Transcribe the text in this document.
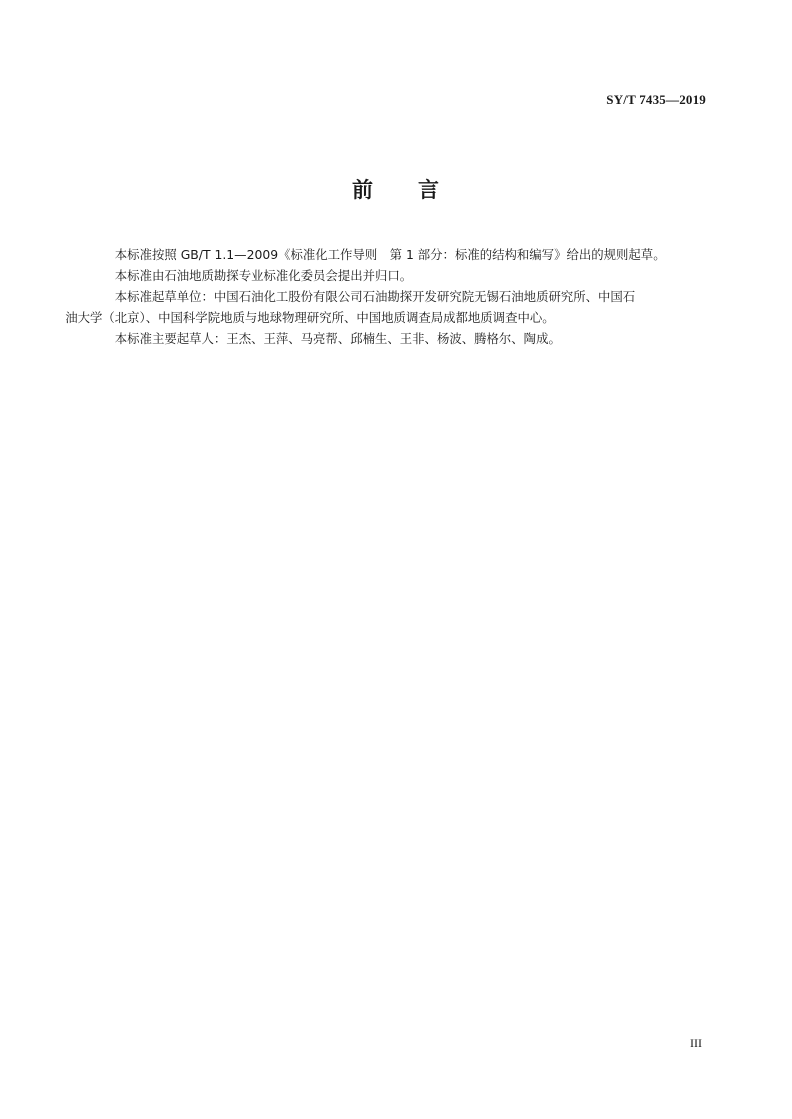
SY/T 7435—2019
前　　言

本标准按照 GB/T 1.1—2009《标准化工作导则　第 1 部分：标准的结构和编写》给出的规则起草。

本标准由石油地质勘探专业标准化委员会提出并归口。

本标准起草单位：中国石油化工股份有限公司石油勘探开发研究院无锡石油地质研究所、中国石
油大学（北京）、中国科学院地质与地球物理研究所、中国地质调查局成都地质调查中心。

本标准主要起草人：王杰、王萍、马亮帮、邱楠生、王非、杨波、腾格尔、陶成。

III
